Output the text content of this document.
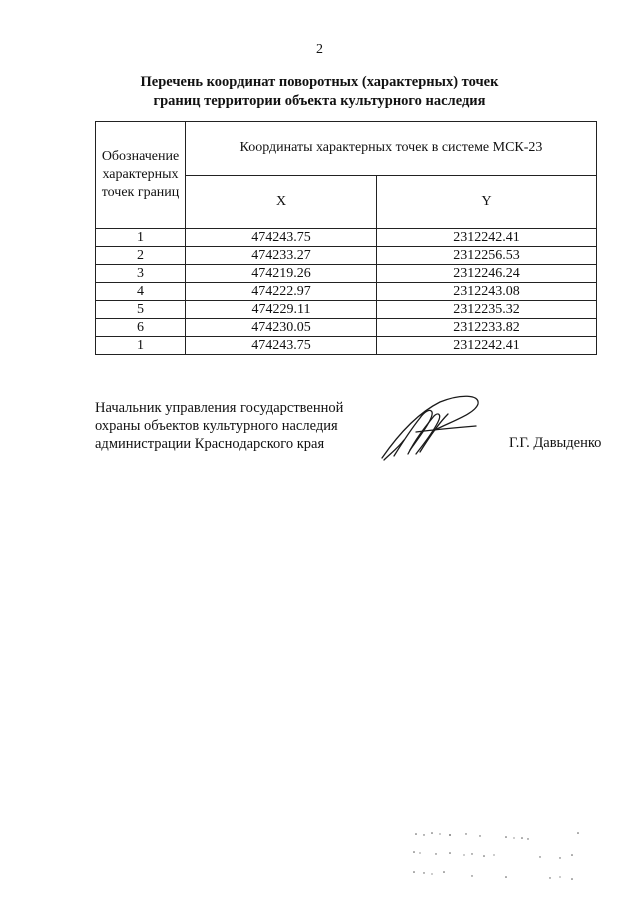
2
Перечень координат поворотных (характерных) точек
границ территории объекта культурного наследия
Обозначение
характерных
точек границ	Координаты характерных точек в системе МСК-23	
	X	Y
1	474243.75	2312242.41
2	474233.27	2312256.53
3	474219.26	2312246.24
4	474222.97	2312243.08
5	474229.11	2312235.32
6	474230.05	2312233.82
1	474243.75	2312242.41
Начальник управления государственной
охраны объектов культурного наследия
администрации Краснодарского края	Г.Г. Давыденко
